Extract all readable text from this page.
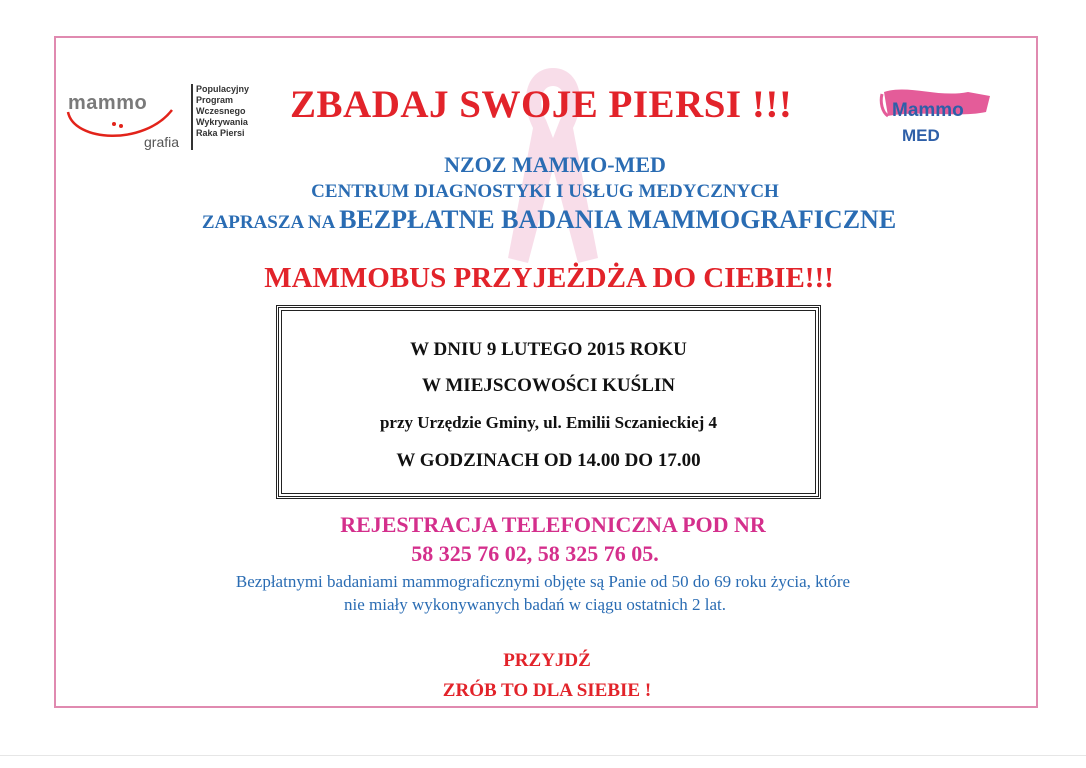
mammo
grafia
Populacyjny
Program
Wczesnego
Wykrywania
Raka Piersi
Mammo
MED
ZBADAJ SWOJE PIERSI !!!
NZOZ MAMMO-MED
CENTRUM DIAGNOSTYKI I USŁUG MEDYCZNYCH
ZAPRASZA NA BEZPŁATNE BADANIA MAMMOGRAFICZNE
MAMMOBUS PRZYJEŻDŻA DO CIEBIE!!!
W DNIU 9 LUTEGO 2015 ROKU
W MIEJSCOWOŚCI KUŚLIN
przy Urzędzie Gminy, ul. Emilii Sczanieckiej 4
W GODZINACH OD 14.00 DO 17.00
REJESTRACJA TELEFONICZNA POD NR
58 325 76 02, 58 325 76 05.
Bezpłatnymi badaniami mammograficznymi objęte są Panie od 50 do 69 roku życia, które
nie miały wykonywanych badań w ciągu ostatnich 2 lat.
PRZYJDŹ
ZRÓB TO DLA SIEBIE !
